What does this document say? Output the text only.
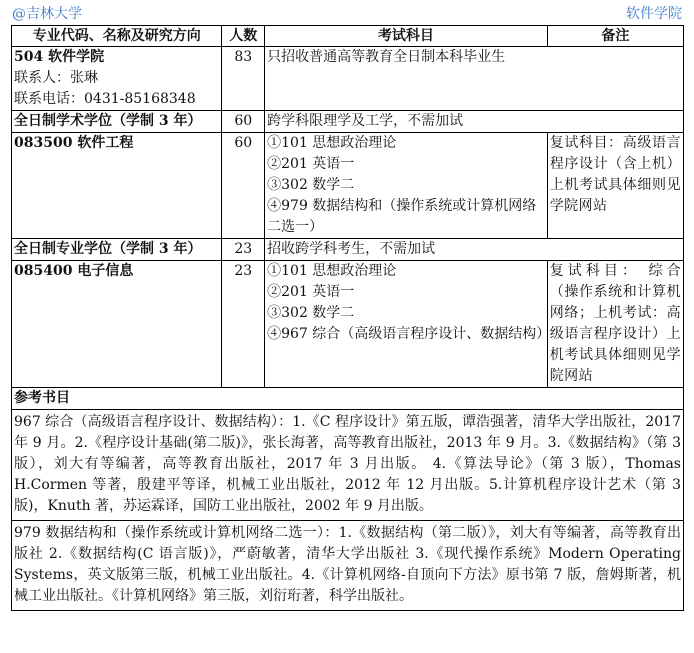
@吉林大学	软件学院
专业代码、名称及研究方向	人数	考试科目	备注

504 软件学院
联系人：张琳
联系电话：0431-85168348	83	只招收普通高等教育全日制本科毕业生	
全日制学术学位（学制 3 年）	60	跨学科限理学及工学，不需加试	
083500 软件工程	60	①101 思想政治理论
②201 英语一
③302 数学二
④979 数据结构和（操作系统或计算机网络二选一）	复试科目：高级语言程序设计（含上机） 上机考试具体细则见学院网站
全日制专业学位（学制 3 年）	23	招收跨学科考生，不需加试	
085400 电子信息	23	①101 思想政治理论
②201 英语一
③302 数学二
④967 综合（高级语言程序设计、数据结构）	复试科目： 综合（操作系统和计算机网络；上机考试：高级语言程序设计）上机考试具体细则见学院网站
参考书目			
967 综合（高级语言程序设计、数据结构）：1.《C 程序设计》第五版，谭浩强著，清华大学出版社，2017 年 9 月。2.《程序设计基础(第二版)》，张长海著，高等教育出版社，2013 年 9 月。3.《数据结构》（第 3 版），刘大有等编著，高等教育出版社，2017 年 3 月出版。 4.《算法导论》（第 3 版），Thomas H.Cormen 等著，殷建平等译，机械工业出版社，2012 年 12 月出版。5.计算机程序设计艺术（第 3 版)，Knuth 著，苏运霖译，国防工业出版社，2002 年 9 月出版。			
979 数据结构和（操作系统或计算机网络二选一）：1.《数据结构（第二版）》，刘大有等编著，高等教育出版社 2.《数据结构(C 语言版)》，严蔚敏著，清华大学出版社 3.《现代操作系统》Modern Operating Systems，英文版第三版，机械工业出版社。4.《计算机网络-自顶向下方法》原书第 7 版，詹姆斯著，机械工业出版社。《计算机网络》第三版，刘衍珩著，科学出版社。			
